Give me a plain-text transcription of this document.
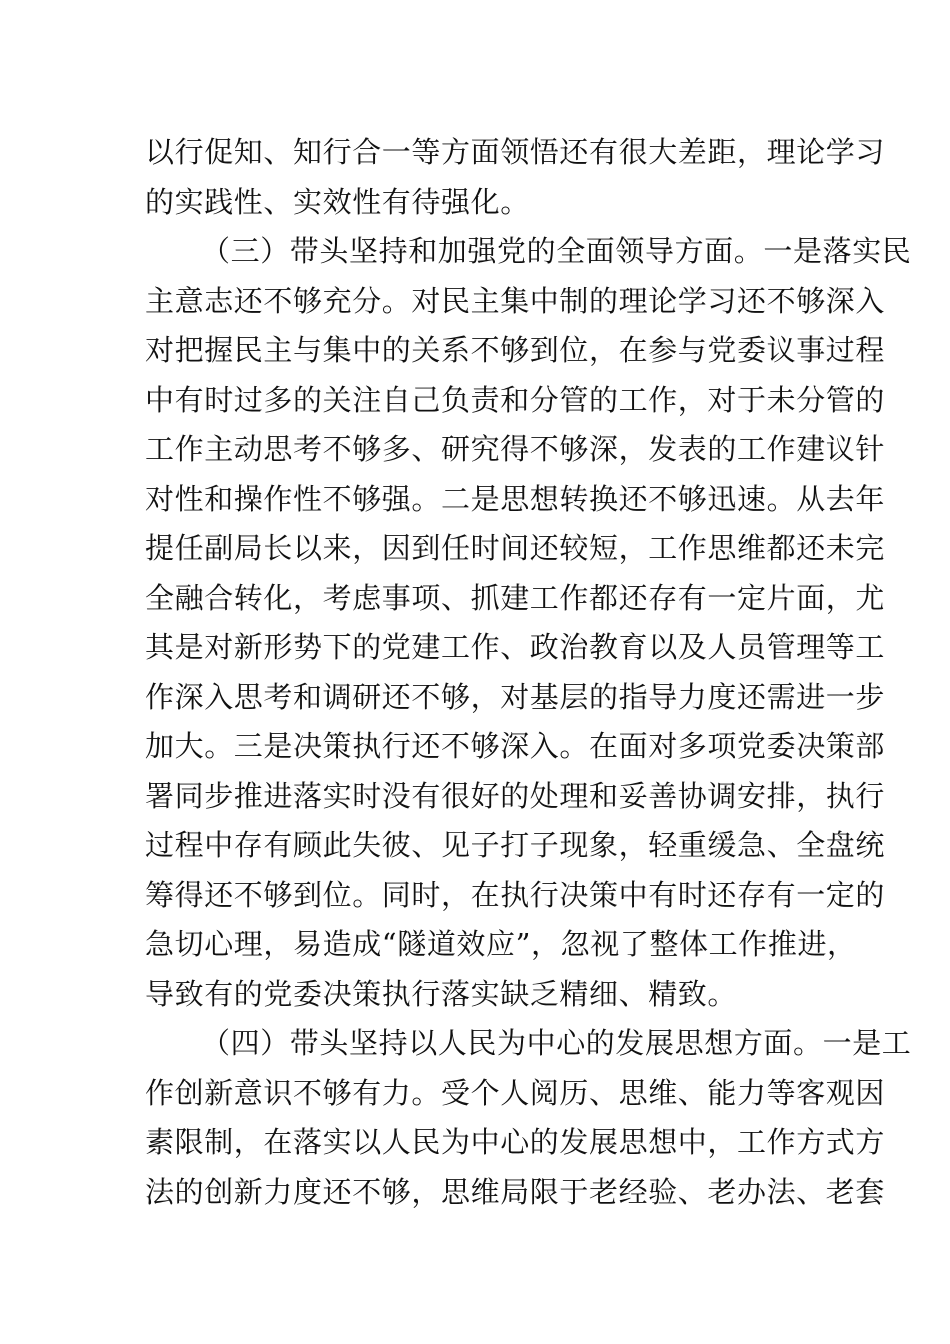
以行促知、知行合一等方面领悟还有很大差距，理论学习
的实践性、实效性有待强化。
（三）带头坚持和加强党的全面领导方面。一是落实民
主意志还不够充分。对民主集中制的理论学习还不够深入
对把握民主与集中的关系不够到位，在参与党委议事过程
中有时过多的关注自己负责和分管的工作，对于未分管的
工作主动思考不够多、研究得不够深，发表的工作建议针
对性和操作性不够强。二是思想转换还不够迅速。从去年
提任副局长以来，因到任时间还较短，工作思维都还未完
全融合转化，考虑事项、抓建工作都还存有一定片面，尤
其是对新形势下的党建工作、政治教育以及人员管理等工
作深入思考和调研还不够，对基层的指导力度还需进一步
加大。三是决策执行还不够深入。在面对多项党委决策部
署同步推进落实时没有很好的处理和妥善协调安排，执行
过程中存有顾此失彼、见子打子现象，轻重缓急、全盘统
筹得还不够到位。同时，在执行决策中有时还存有一定的
急切心理，易造成“隧道效应”，忽视了整体工作推进，
导致有的党委决策执行落实缺乏精细、精致。
（四）带头坚持以人民为中心的发展思想方面。一是工
作创新意识不够有力。受个人阅历、思维、能力等客观因
素限制，在落实以人民为中心的发展思想中，工作方式方
法的创新力度还不够，思维局限于老经验、老办法、老套
